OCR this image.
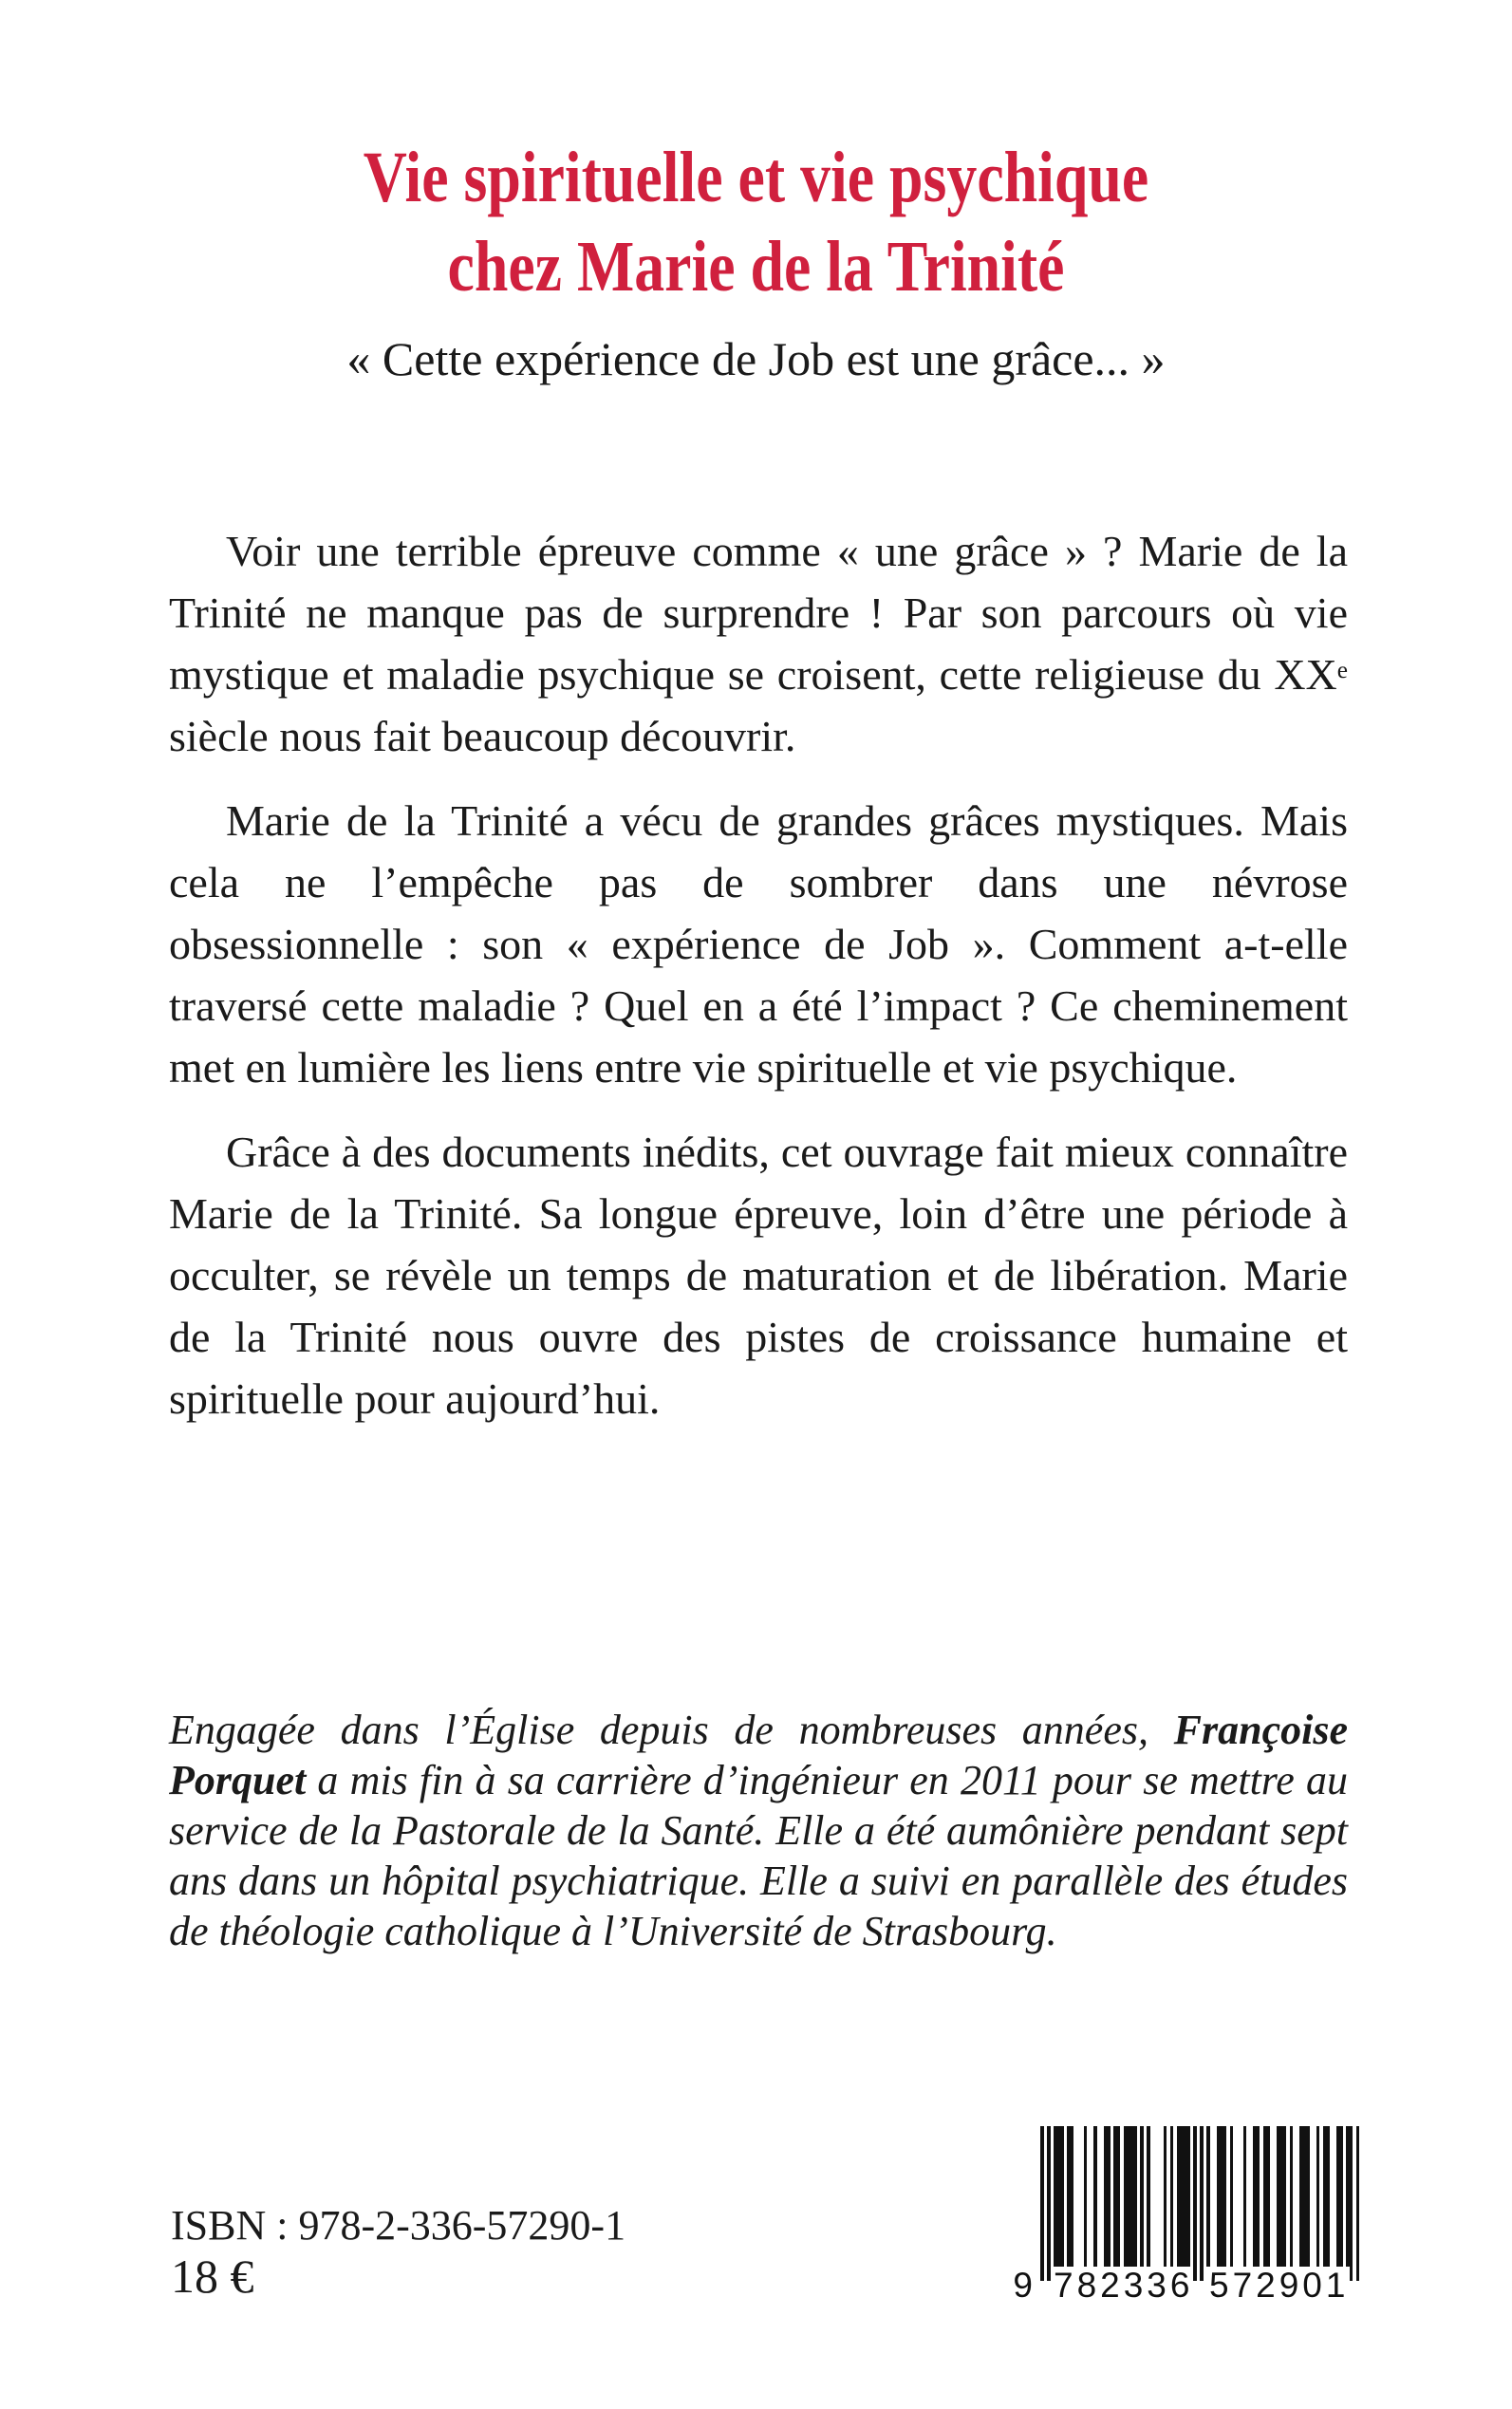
Vie spirituelle et vie psychique
chez Marie de la Trinité
« Cette expérience de Job est une grâce... »

Voir une terrible épreuve comme « une grâce » ? Marie de la Trinité ne manque pas de surprendre ! Par son parcours où vie mystique et maladie psychique se croisent, cette religieuse du XXe siècle nous fait beaucoup découvrir.

Marie de la Trinité a vécu de grandes grâces mystiques. Mais cela ne l’empêche pas de sombrer dans une névrose obsessionnelle : son « expérience de Job ». Comment a-t-elle traversé cette maladie ? Quel en a été l’impact ? Ce cheminement met en lumière les liens entre vie spirituelle et vie psychique.

Grâce à des documents inédits, cet ouvrage fait mieux connaître Marie de la Trinité. Sa longue épreuve, loin d’être une période à occulter, se révèle un temps de maturation et de libération. Marie de la Trinité nous ouvre des pistes de croissance humaine et spirituelle pour aujourd’hui.

Engagée dans l’Église depuis de nombreuses années, Françoise Porquet a mis fin à sa carrière d’ingénieur en 2011 pour se mettre au service de la Pastorale de la Santé. Elle a été aumônière pendant sept ans dans un hôpital psychiatrique. Elle a suivi en parallèle des études de théologie catholique à l’Université de Strasbourg.
ISBN : 978-2-336-57290-1
18 €	9 782336 572901
